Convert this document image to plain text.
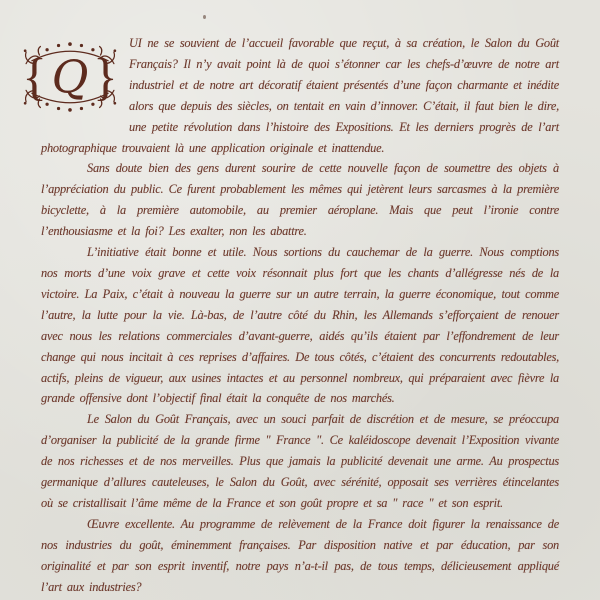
{ }
Q

UI ne se souvient de l’accueil favorable que reçut, à sa création, le Salon du Goût Français? Il n’y avait point là de quoi s’étonner car les chefs-d’œuvre de notre art industriel et de notre art décoratif étaient présentés d’une façon charmante et inédite alors que depuis des siècles, on tentait en vain d’innover. C’était, il faut bien le dire, une petite révolution dans l’histoire des Expositions. Et les derniers progrès de l’art photographique trouvaient là une application originale et inattendue.

Sans doute bien des gens durent sourire de cette nouvelle façon de soumettre des objets à l’appréciation du public. Ce furent probablement les mêmes qui jetèrent leurs sarcasmes à la première bicyclette, à la première automobile, au premier aéroplane. Mais que peut l’ironie contre l’enthousiasme et la foi? Les exalter, non les abattre.

L’initiative était bonne et utile. Nous sortions du cauchemar de la guerre. Nous comptions nos morts d’une voix grave et cette voix résonnait plus fort que les chants d’allégresse nés de la victoire. La Paix, c’était à nouveau la guerre sur un autre terrain, la guerre économique, tout comme l’autre, la lutte pour la vie. Là-bas, de l’autre côté du Rhin, les Allemands s’efforçaient de renouer avec nous les relations commerciales d’avant-guerre, aidés qu’ils étaient par l’effondrement de leur change qui nous incitait à ces reprises d’affaires. De tous côtés, c’étaient des concurrents redoutables, actifs, pleins de vigueur, aux usines intactes et au personnel nombreux, qui préparaient avec fièvre la grande offensive dont l’objectif final était la conquête de nos marchés.

Le Salon du Goût Français, avec un souci parfait de discrétion et de mesure, se préoccupa d’organiser la publicité de la grande firme " France ". Ce kaléidoscope devenait l’Exposition vivante de nos richesses et de nos merveilles. Plus que jamais la publicité devenait une arme. Au prospectus germanique d’allures cauteleuses, le Salon du Goût, avec sérénité, opposait ses verrières étincelantes où se cristallisait l’âme même de la France et son goût propre et sa " race " et son esprit.

Œuvre excellente. Au programme de relèvement de la France doit figurer la renaissance de nos industries du goût, éminemment françaises. Par disposition native et par éducation, par son originalité et par son esprit inventif, notre pays n’a-t-il pas, de tous temps, délicieusement appliqué l’art aux industries?
